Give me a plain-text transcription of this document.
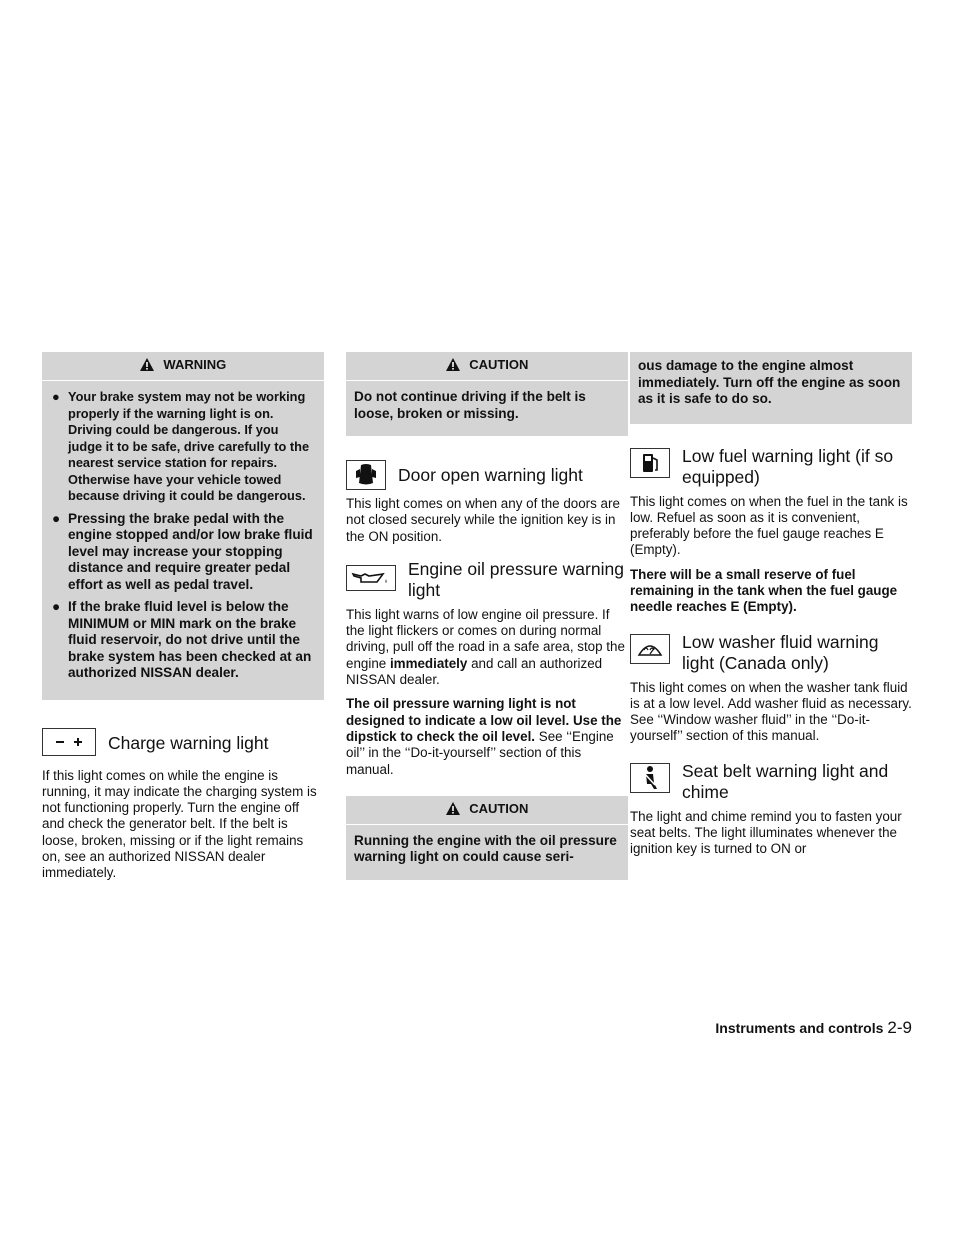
WARNING
● Your brake system may not be working properly if the warning light is on. Driving could be dangerous. If you judge it to be safe, drive carefully to the nearest service station for repairs. Otherwise have your vehicle towed because driving it could be dangerous.
● Pressing the brake pedal with the engine stopped and/or low brake fluid level may increase your stopping distance and require greater pedal effort as well as pedal travel.
● If the brake fluid level is below the MINIMUM or MIN mark on the brake fluid reservoir, do not drive until the brake system has been checked at an authorized NISSAN dealer.
Charge warning light

If this light comes on while the engine is running, it may indicate the charging system is not functioning properly. Turn the engine off and check the generator belt. If the belt is loose, broken, missing or if the light remains on, see an authorized NISSAN dealer immediately.

CAUTION
Do not continue driving if the belt is loose, broken or missing.
Door open warning light

This light comes on when any of the doors are not closed securely while the ignition key is in the ON position.

Engine oil pressure warning light

This light warns of low engine oil pressure. If the light flickers or comes on during normal driving, pull off the road in a safe area, stop the engine immediately and call an authorized NISSAN dealer.

The oil pressure warning light is not designed to indicate a low oil level. Use the dipstick to check the oil level. See ‘‘Engine oil’’ in the ‘‘Do-it-yourself’’ section of this manual.

CAUTION
Running the engine with the oil pressure warning light on could cause seri-
ous damage to the engine almost immediately. Turn off the engine as soon as it is safe to do so.
Low fuel warning light (if so equipped)

This light comes on when the fuel in the tank is low. Refuel as soon as it is convenient, preferably before the fuel gauge reaches E (Empty).

There will be a small reserve of fuel remaining in the tank when the fuel gauge needle reaches E (Empty).

Low washer fluid warning light (Canada only)

This light comes on when the washer tank fluid is at a low level. Add washer fluid as necessary. See ‘‘Window washer fluid’’ in the ‘‘Do-it-yourself’’ section of this manual.

Seat belt warning light and chime

The light and chime remind you to fasten your seat belts. The light illuminates whenever the ignition key is turned to ON or

Instruments and controls 2-9
